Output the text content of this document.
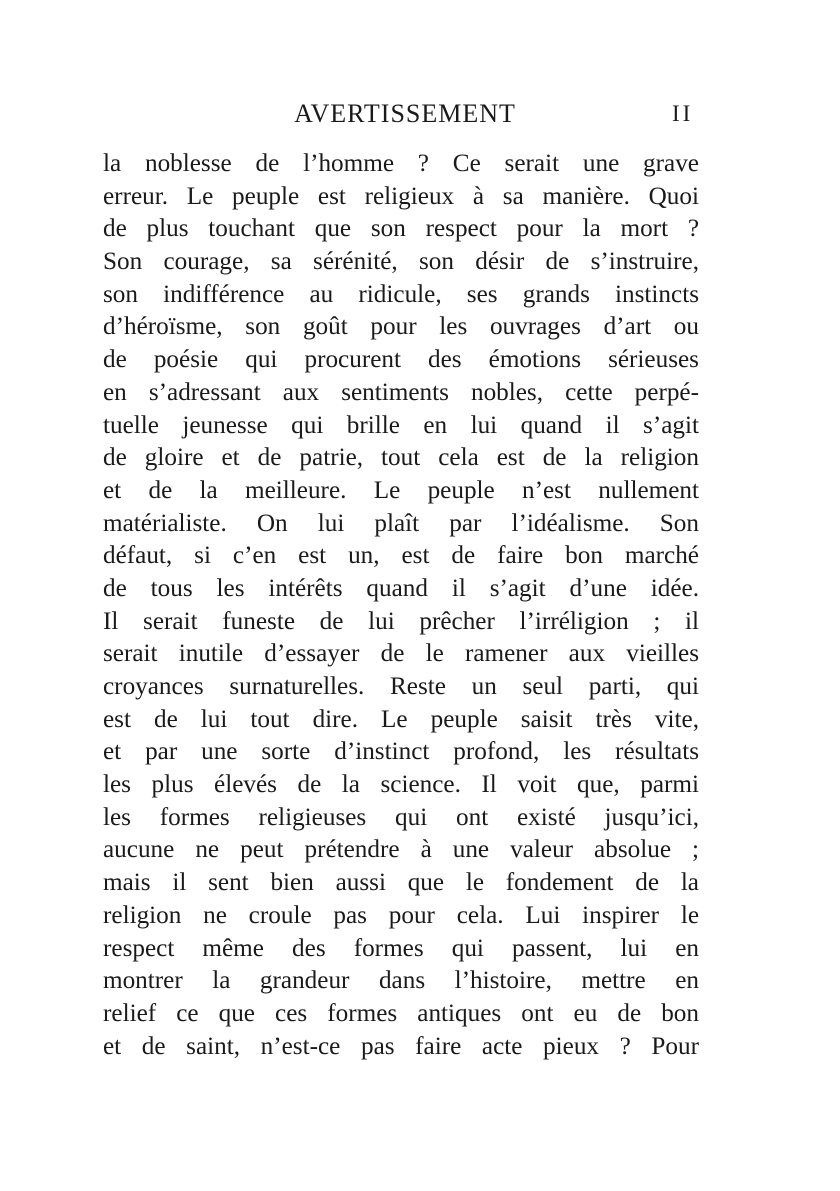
AVERTISSEMENT	II
la noblesse de l’homme ? Ce serait une grave
erreur. Le peuple est religieux à sa manière. Quoi
de plus touchant que son respect pour la mort ?
Son courage, sa sérénité, son désir de s’instruire,
son indifférence au ridicule, ses grands instincts
d’héroïsme, son goût pour les ouvrages d’art ou
de poésie qui procurent des émotions sérieuses
en s’adressant aux sentiments nobles, cette perpé-
tuelle jeunesse qui brille en lui quand il s’agit
de gloire et de patrie, tout cela est de la religion
et de la meilleure. Le peuple n’est nullement
matérialiste. On lui plaît par l’idéalisme. Son
défaut, si c’en est un, est de faire bon marché
de tous les intérêts quand il s’agit d’une idée.
Il serait funeste de lui prêcher l’irréligion ; il
serait inutile d’essayer de le ramener aux vieilles
croyances surnaturelles. Reste un seul parti, qui
est de lui tout dire. Le peuple saisit très vite,
et par une sorte d’instinct profond, les résultats
les plus élevés de la science. Il voit que, parmi
les formes religieuses qui ont existé jusqu’ici,
aucune ne peut prétendre à une valeur absolue ;
mais il sent bien aussi que le fondement de la
religion ne croule pas pour cela. Lui inspirer le
respect même des formes qui passent, lui en
montrer la grandeur dans l’histoire, mettre en
relief ce que ces formes antiques ont eu de bon
et de saint, n’est-ce pas faire acte pieux ? Pour
